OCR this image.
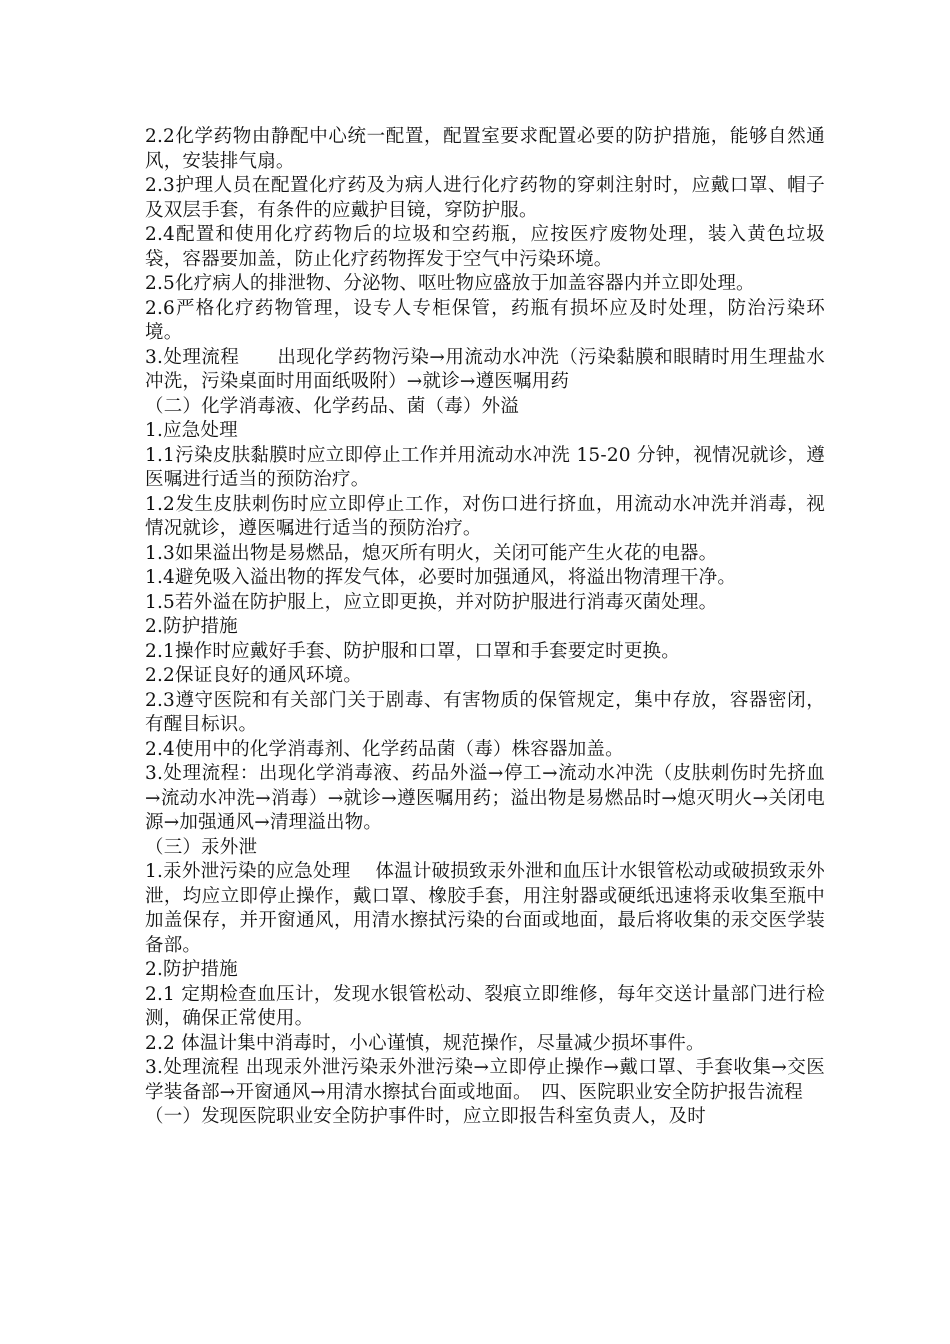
2.2化学药物由静配中心统一配置，配置室要求配置必要的防护措施，能够自然通风，安装排气扇。

2.3护理人员在配置化疗药及为病人进行化疗药物的穿刺注射时，应戴口罩、帽子及双层手套，有条件的应戴护目镜，穿防护服。

2.4配置和使用化疗药物后的垃圾和空药瓶，应按医疗废物处理，装入黄色垃圾袋，容器要加盖，防止化疗药物挥发于空气中污染环境。

2.5化疗病人的排泄物、分泌物、呕吐物应盛放于加盖容器内并立即处理。

2.6严格化疗药物管理，设专人专柜保管，药瓶有损坏应及时处理，防治污染环境。

3.处理流程　　出现化学药物污染→用流动水冲洗（污染黏膜和眼睛时用生理盐水冲洗，污染桌面时用面纸吸附）→就诊→遵医嘱用药

（二）化学消毒液、化学药品、菌（毒）外溢

1.应急处理

1.1污染皮肤黏膜时应立即停止工作并用流动水冲洗 15-20 分钟，视情况就诊，遵医嘱进行适当的预防治疗。

1.2发生皮肤刺伤时应立即停止工作，对伤口进行挤血，用流动水冲洗并消毒，视情况就诊，遵医嘱进行适当的预防治疗。

1.3如果溢出物是易燃品，熄灭所有明火，关闭可能产生火花的电器。

1.4避免吸入溢出物的挥发气体，必要时加强通风，将溢出物清理干净。

1.5若外溢在防护服上，应立即更换，并对防护服进行消毒灭菌处理。

2.防护措施

2.1操作时应戴好手套、防护服和口罩，口罩和手套要定时更换。

2.2保证良好的通风环境。

2.3遵守医院和有关部门关于剧毒、有害物质的保管规定，集中存放，容器密闭，有醒目标识。

2.4使用中的化学消毒剂、化学药品菌（毒）株容器加盖。

3.处理流程：出现化学消毒液、药品外溢→停工→流动水冲洗（皮肤刺伤时先挤血→流动水冲洗→消毒）→就诊→遵医嘱用药；溢出物是易燃品时→熄灭明火→关闭电源→加强通风→清理溢出物。

（三）汞外泄

1.汞外泄污染的应急处理　 体温计破损致汞外泄和血压计水银管松动或破损致汞外泄，均应立即停止操作，戴口罩、橡胶手套，用注射器或硬纸迅速将汞收集至瓶中加盖保存，并开窗通风，用清水擦拭污染的台面或地面，最后将收集的汞交医学装备部。

2.防护措施

2.1 定期检查血压计，发现水银管松动、裂痕立即维修，每年交送计量部门进行检测，确保正常使用。

2.2 体温计集中消毒时，小心谨慎，规范操作，尽量减少损坏事件。

3.处理流程 出现汞外泄污染汞外泄污染→立即停止操作→戴口罩、手套收集→交医学装备部→开窗通风→用清水擦拭台面或地面。　四、医院职业安全防护报告流程

（一）发现医院职业安全防护事件时，应立即报告科室负责人，及时
